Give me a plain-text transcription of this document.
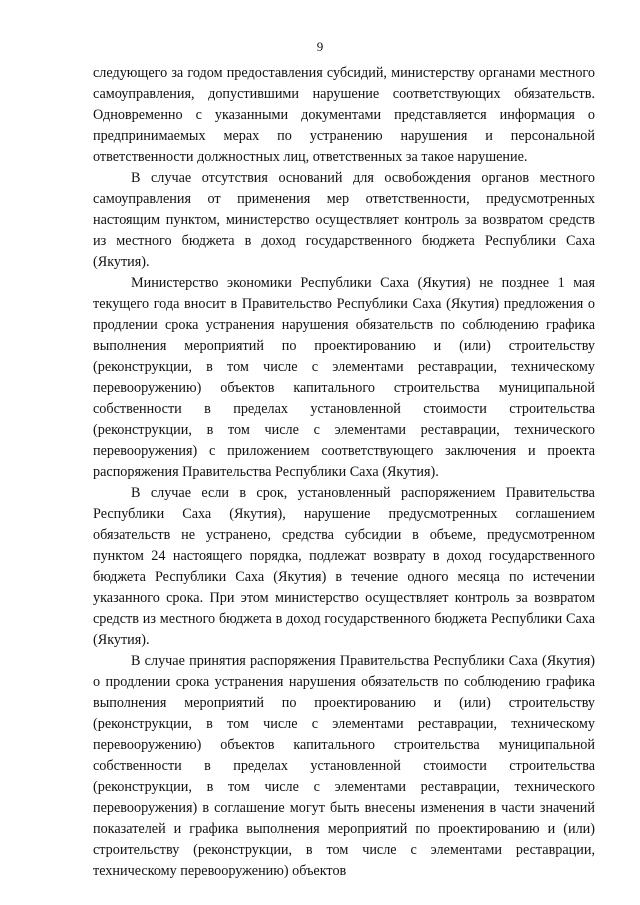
9

следующего за годом предоставления субсидий, министерству органами местного самоуправления, допустившими нарушение соответствующих обязательств. Одновременно с указанными документами представляется информация о предпринимаемых мерах по устранению нарушения и персональной ответственности должностных лиц, ответственных за такое нарушение.

В случае отсутствия оснований для освобождения органов местного самоуправления от применения мер ответственности, предусмотренных настоящим пунктом, министерство осуществляет контроль за возвратом средств из местного бюджета в доход государственного бюджета Республики Саха (Якутия).

Министерство экономики Республики Саха (Якутия) не позднее 1 мая текущего года вносит в Правительство Республики Саха (Якутия) предложения о продлении срока устранения нарушения обязательств по соблюдению графика выполнения мероприятий по проектированию и (или) строительству (реконструкции, в том числе с элементами реставрации, техническому перевооружению) объектов капитального строительства муниципальной собственности в пределах установленной стоимости строительства (реконструкции, в том числе с элементами реставрации, технического перевооружения) с приложением соответствующего заключения и проекта распоряжения Правительства Республики Саха (Якутия).

В случае если в срок, установленный распоряжением Правительства Республики Саха (Якутия), нарушение предусмотренных соглашением обязательств не устранено, средства субсидии в объеме, предусмотренном пунктом 24 настоящего порядка, подлежат возврату в доход государственного бюджета Республики Саха (Якутия) в течение одного месяца по истечении указанного срока. При этом министерство осуществляет контроль за возвратом средств из местного бюджета в доход государственного бюджета Республики Саха (Якутия).

В случае принятия распоряжения Правительства Республики Саха (Якутия) о продлении срока устранения нарушения обязательств по соблюдению графика выполнения мероприятий по проектированию и (или) строительству (реконструкции, в том числе с элементами реставрации, техническому перевооружению) объектов капитального строительства муниципальной собственности в пределах установленной стоимости строительства (реконструкции, в том числе с элементами реставрации, технического перевооружения) в соглашение могут быть внесены изменения в части значений показателей и графика выполнения мероприятий по проектированию и (или) строительству (реконструкции, в том числе с элементами реставрации, техническому перевооружению) объектов
